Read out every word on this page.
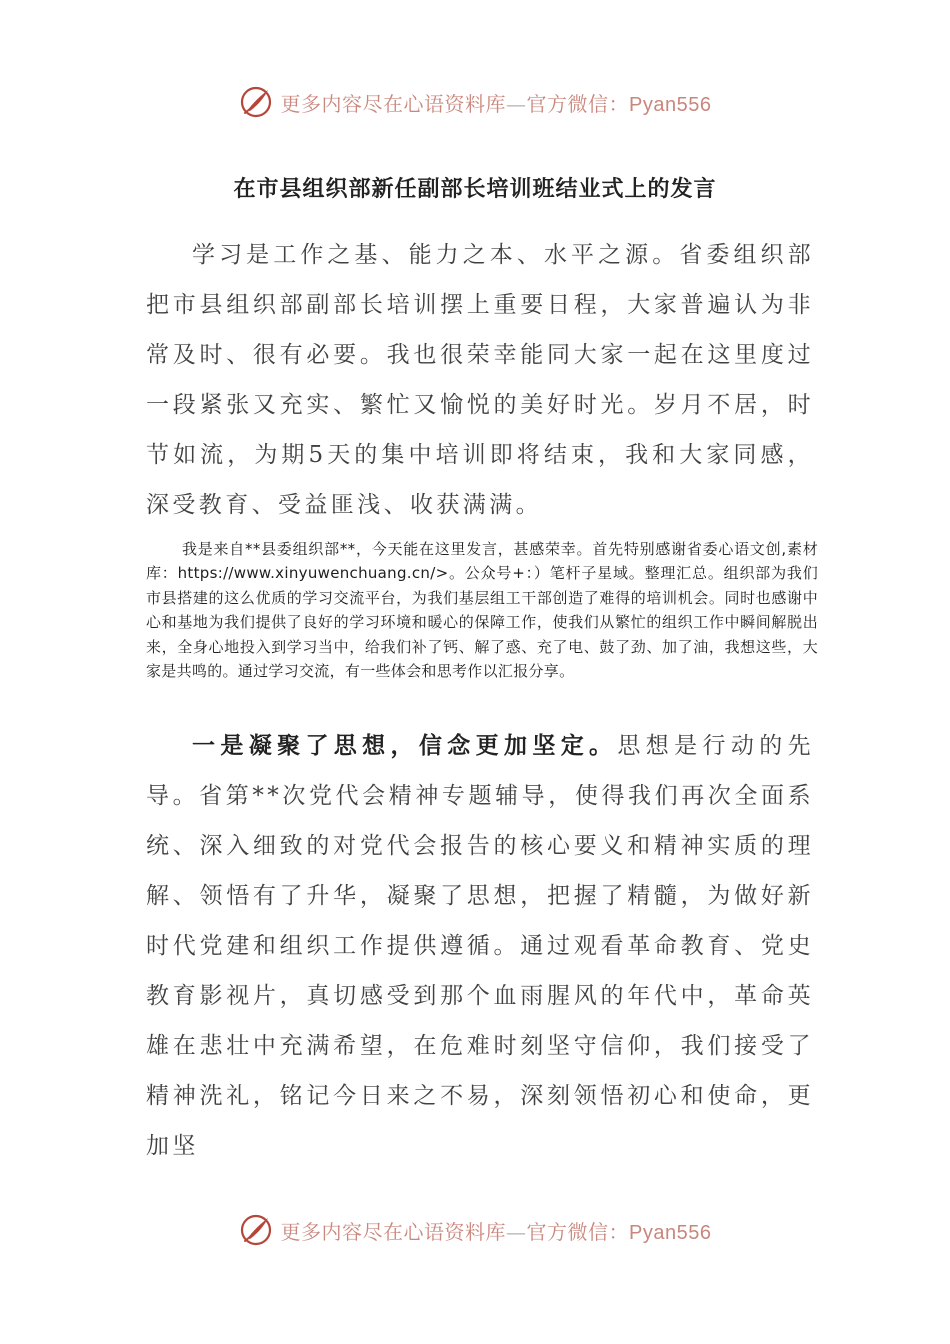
更多内容尽在心语资料库—官方微信：Pyan556
在市县组织部新任副部长培训班结业式上的发言

学习是工作之基、能力之本、水平之源。省委组织部把市县组织部副部长培训摆上重要日程，大家普遍认为非常及时、很有必要。我也很荣幸能同大家一起在这里度过一段紧张又充实、繁忙又愉悦的美好时光。岁月不居，时节如流，为期5天的集中培训即将结束，我和大家同感，深受教育、受益匪浅、收获满满。

我是来自**县委组织部**，今天能在这里发言，甚感荣幸。首先特别感谢省委心语文创,素材库：https://www.xinyuwenchuang.cn/>。公众号+：）笔杆子星域。整理汇总。组织部为我们市县搭建的这么优质的学习交流平台，为我们基层组工干部创造了难得的培训机会。同时也感谢中心和基地为我们提供了良好的学习环境和暖心的保障工作，使我们从繁忙的组织工作中瞬间解脱出来，全身心地投入到学习当中，给我们补了钙、解了惑、充了电、鼓了劲、加了油，我想这些，大家是共鸣的。通过学习交流，有一些体会和思考作以汇报分享。

一是凝聚了思想，信念更加坚定。思想是行动的先导。省第**次党代会精神专题辅导，使得我们再次全面系统、深入细致的对党代会报告的核心要义和精神实质的理解、领悟有了升华，凝聚了思想，把握了精髓，为做好新时代党建和组织工作提供遵循。通过观看革命教育、党史教育影视片，真切感受到那个血雨腥风的年代中，革命英雄在悲壮中充满希望，在危难时刻坚守信仰，我们接受了精神洗礼，铭记今日来之不易，深刻领悟初心和使命，更加坚

更多内容尽在心语资料库—官方微信：Pyan556
